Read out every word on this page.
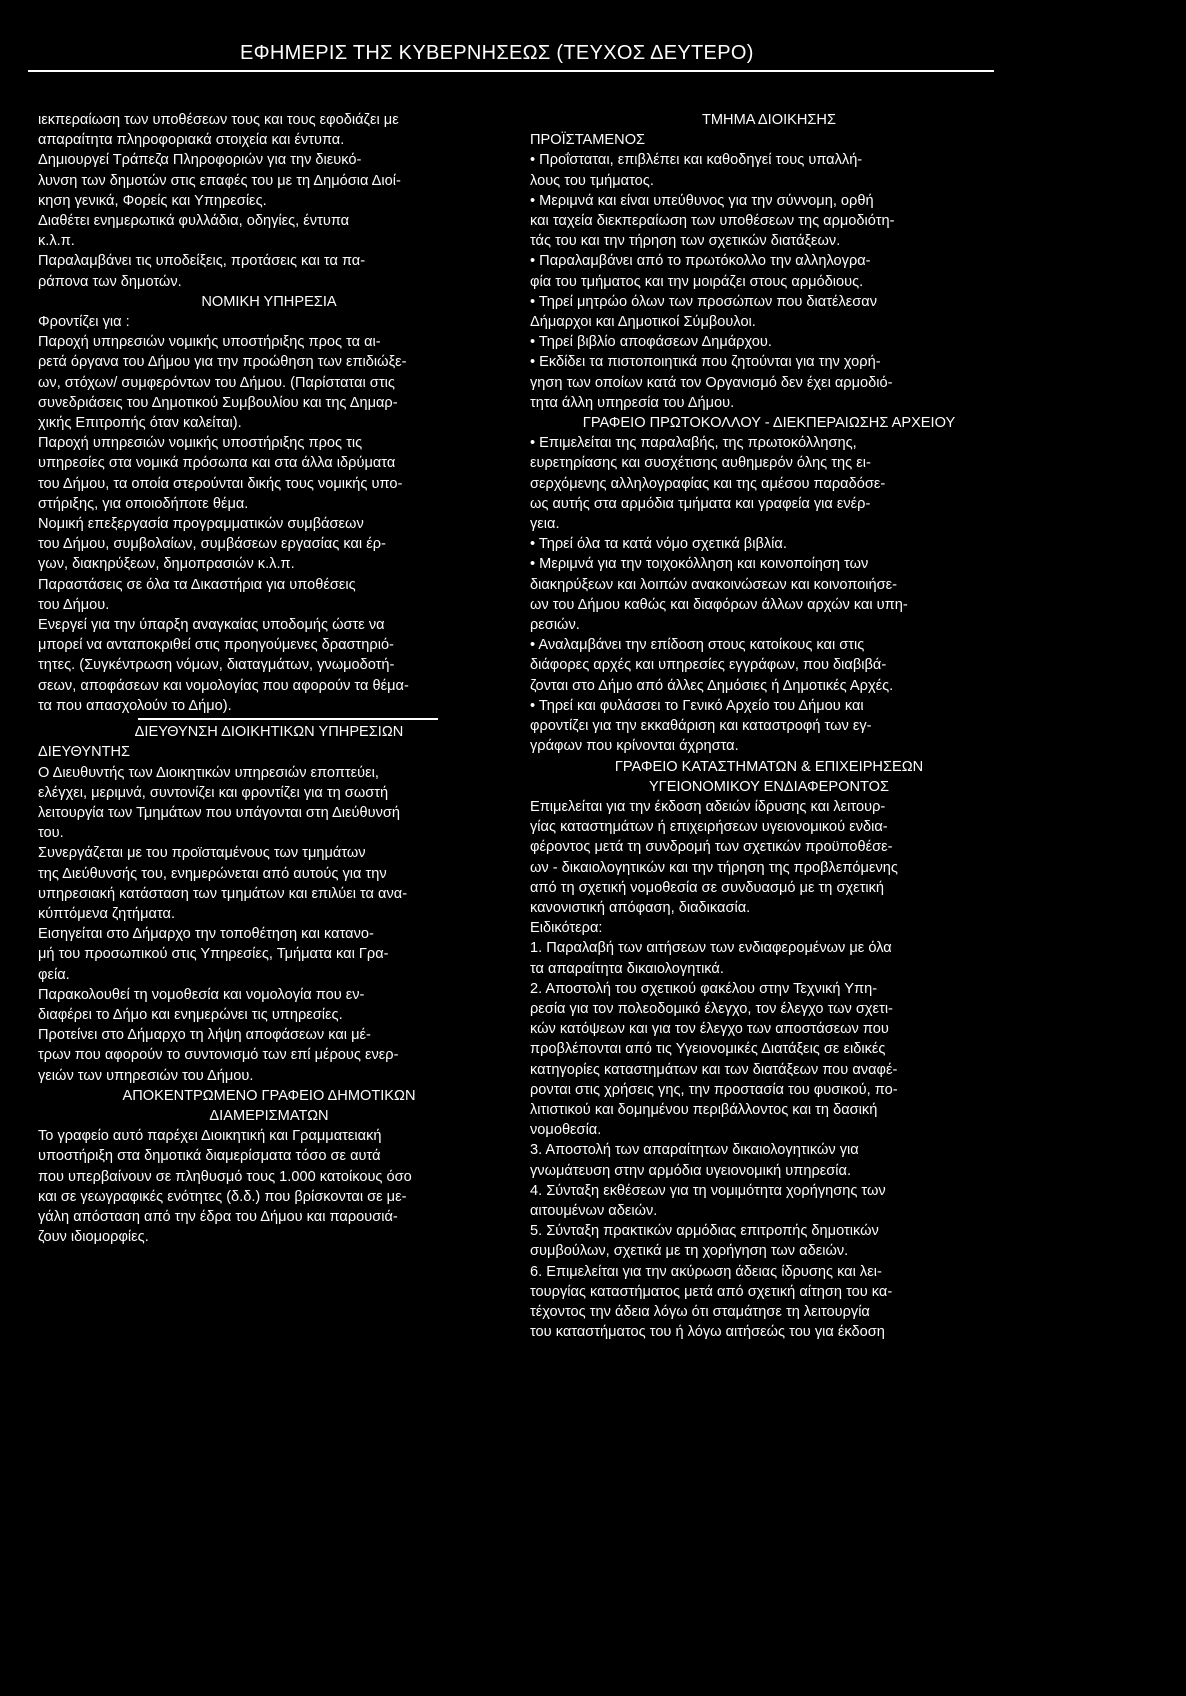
ΕΦΗΜΕΡΙΣ ΤΗΣ ΚΥΒΕΡΝΗΣΕΩΣ (ΤΕΥΧΟΣ ΔΕΥΤΕΡΟ)

ιεκπεραίωση των υποθέσεων τους και τους εφοδιάζει με

απαραίτητα πληροφοριακά στοιχεία και έντυπα.

Δημιουργεί Τράπεζα Πληροφοριών για την διευκό-

λυνση των δημοτών στις επαφές του με τη Δημόσια Διοί-

κηση γενικά, Φορείς και Υπηρεσίες.

Διαθέτει ενημερωτικά φυλλάδια, οδηγίες, έντυπα

κ.λ.π.

Παραλαμβάνει τις υποδείξεις, προτάσεις και τα πα-

ράπονα των δημοτών.

ΝΟΜΙΚΗ ΥΠΗΡΕΣΙΑ

Φροντίζει για :

Παροχή υπηρεσιών νομικής υποστήριξης προς τα αι-

ρετά όργανα του Δήμου για την προώθηση των επιδιώξε-

ων, στόχων/ συμφερόντων του Δήμου. (Παρίσταται στις

συνεδριάσεις του Δημοτικού Συμβουλίου και της Δημαρ-

χικής Επιτροπής όταν καλείται).

Παροχή υπηρεσιών νομικής υποστήριξης προς τις

υπηρεσίες στα νομικά πρόσωπα και στα άλλα ιδρύματα

του Δήμου, τα οποία στερούνται δικής τους νομικής υπο-

στήριξης, για οποιοδήποτε θέμα.

Νομική επεξεργασία προγραμματικών συμβάσεων

του Δήμου, συμβολαίων, συμβάσεων εργασίας και έρ-

γων, διακηρύξεων, δημοπρασιών κ.λ.π.

Παραστάσεις σε όλα τα Δικαστήρια για υποθέσεις

του Δήμου.

Ενεργεί για την ύπαρξη αναγκαίας υποδομής ώστε να

μπορεί να ανταποκριθεί στις προηγούμενες δραστηριό-

τητες. (Συγκέντρωση νόμων, διαταγμάτων, γνωμοδοτή-

σεων, αποφάσεων και νομολογίας που αφορούν τα θέμα-

τα που απασχολούν το Δήμο).

ΔΙΕΥΘΥΝΣΗ ΔΙΟΙΚΗΤΙΚΩΝ ΥΠΗΡΕΣΙΩΝ

ΔΙΕΥΘΥΝΤΗΣ

Ο Διευθυντής των Διοικητικών υπηρεσιών εποπτεύει,

ελέγχει, μεριμνά, συντονίζει και φροντίζει για τη σωστή

λειτουργία των Τμημάτων που υπάγονται στη Διεύθυνσή

του.

Συνεργάζεται με του προϊσταμένους των τμημάτων

της Διεύθυνσής του, ενημερώνεται από αυτούς για την

υπηρεσιακή κατάσταση των τμημάτων και επιλύει τα ανα-

κύπτόμενα ζητήματα.

Εισηγείται στο Δήμαρχο την τοποθέτηση και κατανο-

μή του προσωπικού στις Υπηρεσίες, Τμήματα και Γρα-

φεία.

Παρακολουθεί τη νομοθεσία και νομολογία που εν-

διαφέρει το Δήμο και ενημερώνει τις υπηρεσίες.

Προτείνει στο Δήμαρχο τη λήψη αποφάσεων και μέ-

τρων που αφορούν το συντονισμό των επί μέρους ενερ-

γειών των υπηρεσιών του Δήμου.

ΑΠΟΚΕΝΤΡΩΜΕΝΟ ΓΡΑΦΕΙΟ ΔΗΜΟΤΙΚΩΝ
ΔΙΑΜΕΡΙΣΜΑΤΩΝ

Το γραφείο αυτό παρέχει Διοικητική και Γραμματειακή

υποστήριξη στα δημοτικά διαμερίσματα τόσο σε αυτά

που υπερβαίνουν σε πληθυσμό τους 1.000 κατοίκους όσο

και σε γεωγραφικές ενότητες (δ.δ.) που βρίσκονται σε με-

γάλη απόσταση από την έδρα του Δήμου και παρουσιά-

ζουν ιδιομορφίες.

ΤΜΗΜΑ ΔΙΟΙΚΗΣΗΣ

ΠΡΟΪΣΤΑΜΕΝΟΣ

• Προΐσταται, επιβλέπει και καθοδηγεί τους υπαλλή-

λους του τμήματος.

• Μεριμνά και είναι υπεύθυνος για την σύννομη, ορθή

και ταχεία διεκπεραίωση των υποθέσεων της αρμοδιότη-

τάς του και την τήρηση των σχετικών διατάξεων.

• Παραλαμβάνει από το πρωτόκολλο την αλληλογρα-

φία του τμήματος και την μοιράζει στους αρμόδιους.

• Τηρεί μητρώο όλων των προσώπων που διατέλεσαν

Δήμαρχοι και Δημοτικοί Σύμβουλοι.

• Τηρεί βιβλίο αποφάσεων Δημάρχου.

• Εκδίδει τα πιστοποιητικά που ζητούνται για την χορή-

γηση των οποίων κατά τον Οργανισμό δεν έχει αρμοδιό-

τητα άλλη υπηρεσία του Δήμου.

ΓΡΑΦΕΙΟ ΠΡΩΤΟΚΟΛΛΟΥ - ΔΙΕΚΠΕΡΑΙΩΣΗΣ ΑΡΧΕΙΟΥ

• Επιμελείται της παραλαβής, της πρωτοκόλλησης,

ευρετηρίασης και συσχέτισης αυθημερόν όλης της ει-

σερχόμενης αλληλογραφίας και της αμέσου παραδόσε-

ως αυτής στα αρμόδια τμήματα και γραφεία για ενέρ-

γεια.

• Τηρεί όλα τα κατά νόμο σχετικά βιβλία.

• Μεριμνά για την τοιχοκόλληση και κοινοποίηση των

διακηρύξεων και λοιπών ανακοινώσεων και κοινοποιήσε-

ων του Δήμου καθώς και διαφόρων άλλων αρχών και υπη-

ρεσιών.

• Αναλαμβάνει την επίδοση στους κατοίκους και στις

διάφορες αρχές και υπηρεσίες εγγράφων, που διαβιβά-

ζονται στο Δήμο από άλλες Δημόσιες ή Δημοτικές Αρχές.

• Τηρεί και φυλάσσει το Γενικό Αρχείο του Δήμου και

φροντίζει για την εκκαθάριση και καταστροφή των εγ-

γράφων που κρίνονται άχρηστα.

ΓΡΑΦΕΙΟ ΚΑΤΑΣΤΗΜΑΤΩΝ & ΕΠΙΧΕΙΡΗΣΕΩΝ
ΥΓΕΙΟΝΟΜΙΚΟΥ ΕΝΔΙΑΦΕΡΟΝΤΟΣ

Επιμελείται για την έκδοση αδειών ίδρυσης και λειτουρ-

γίας καταστημάτων ή επιχειρήσεων υγειονομικού ενδια-

φέροντος μετά τη συνδρομή των σχετικών προϋποθέσε-

ων - δικαιολογητικών και την τήρηση της προβλεπόμενης

από τη σχετική νομοθεσία σε συνδυασμό με τη σχετική

κανονιστική απόφαση, διαδικασία.

Ειδικότερα:

1. Παραλαβή των αιτήσεων των ενδιαφερομένων με όλα

τα απαραίτητα δικαιολογητικά.

2. Αποστολή του σχετικού φακέλου στην Τεχνική Υπη-

ρεσία για τον πολεοδομικό έλεγχο, τον έλεγχο των σχετι-

κών κατόψεων και για τον έλεγχο των αποστάσεων που

προβλέπονται από τις Υγειονομικές Διατάξεις σε ειδικές

κατηγορίες καταστημάτων και των διατάξεων που αναφέ-

ρονται στις χρήσεις γης, την προστασία του φυσικού, πο-

λιτιστικού και δομημένου περιβάλλοντος και τη δασική

νομοθεσία.

3. Αποστολή των απαραίτητων δικαιολογητικών για

γνωμάτευση στην αρμόδια υγειονομική υπηρεσία.

4. Σύνταξη εκθέσεων για τη νομιμότητα χορήγησης των

αιτουμένων αδειών.

5. Σύνταξη πρακτικών αρμόδιας επιτροπής δημοτικών

συμβούλων, σχετικά με τη χορήγηση των αδειών.

6. Επιμελείται για την ακύρωση άδειας ίδρυσης και λει-

τουργίας καταστήματος μετά από σχετική αίτηση του κα-

τέχοντος την άδεια λόγω ότι σταμάτησε τη λειτουργία

του καταστήματος του ή λόγω αιτήσεώς του για έκδοση
